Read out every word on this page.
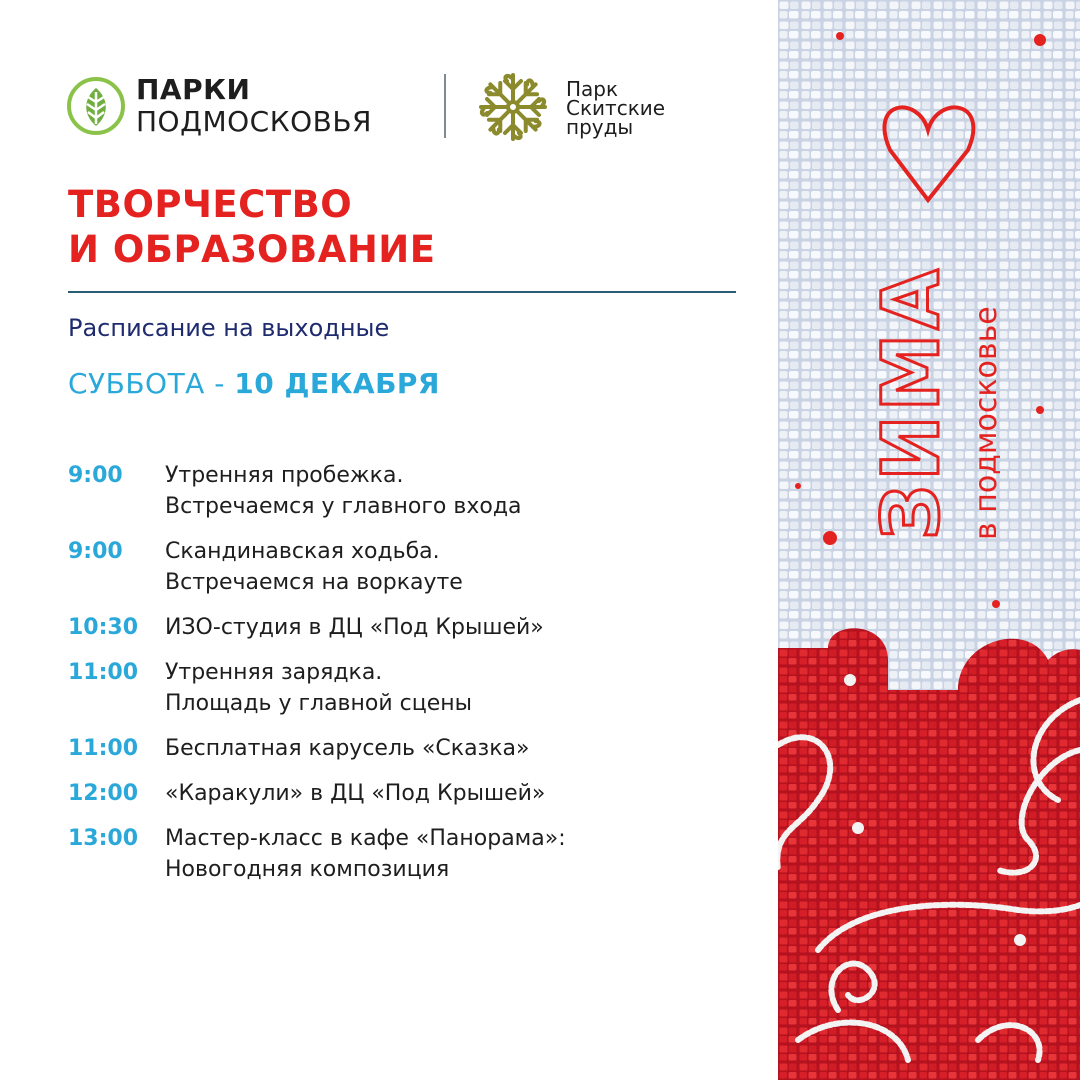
ПАРКИ
ПОДМОСКОВЬЯ
Парк
Скитские
пруды
ТВОРЧЕСТВО
И ОБРАЗОВАНИЕ
Расписание на выходные
СУББОТА - 10 ДЕКАБРЯ
9:00	Утренняя пробежка.
Встречаемся у главного входа
9:00	Скандинавская ходьба.
Встречаемся на воркауте
10:30	ИЗО-студия в ДЦ «Под Крышей»
11:00	Утренняя зарядка.
Площадь у главной сцены
11:00	Бесплатная карусель «Сказка»
12:00	«Каракули» в ДЦ «Под Крышей»
13:00	Мастер-класс в кафе «Панорама»:
Новогодняя композиция
ЗИМА в подмосковье
